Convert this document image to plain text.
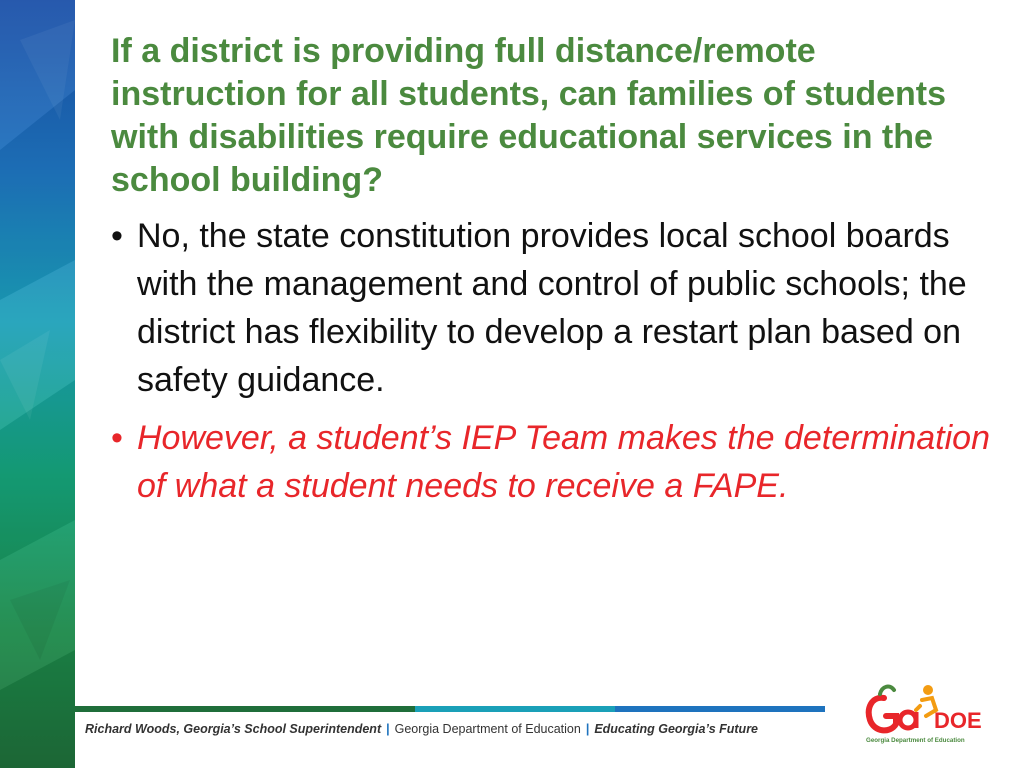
If a district is providing full distance/remote instruction for all students, can families of students with disabilities require educational services in the school building?
• No, the state constitution provides local school boards with the management and control of public schools; the district has flexibility to develop a restart plan based on safety guidance.
• However, a student’s IEP Team makes the determination of what a student needs to receive a FAPE.
Richard Woods, Georgia’s School Superintendent | Georgia Department of Education | Educating Georgia’s Future	DOE
Georgia Department of Education
